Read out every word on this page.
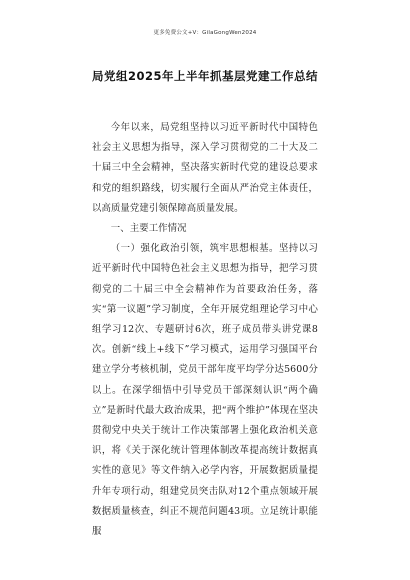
更多免费公文+V：GilaGongWen2024
局党组2025年上半年抓基层党建工作总结

今年以来，局党组坚持以习近平新时代中国特色社会主义思想为指导，深入学习贯彻党的二十大及二十届三中全会精神，坚决落实新时代党的建设总要求和党的组织路线，切实履行全面从严治党主体责任，以高质量党建引领保障高质量发展。

一、主要工作情况

（一）强化政治引领，筑牢思想根基。坚持以习近平新时代中国特色社会主义思想为指导，把学习贯彻党的二十届三中全会精神作为首要政治任务，落实“第一议题”学习制度，全年开展党组理论学习中心组学习12次、专题研讨6次，班子成员带头讲党课8次。创新“线上+线下”学习模式，运用学习强国平台建立学分考核机制，党员干部年度平均学分达5600分以上。在深学细悟中引导党员干部深刻认识“两个确立”是新时代最大政治成果，把“两个维护”体现在坚决贯彻党中央关于统计工作决策部署上强化政治机关意识，将《关于深化统计管理体制改革提高统计数据真实性的意见》等文件纳入必学内容，开展数据质量提升年专项行动，组建党员突击队对12个重点领域开展数据质量核查，纠正不规范问题43项。立足统计职能服
